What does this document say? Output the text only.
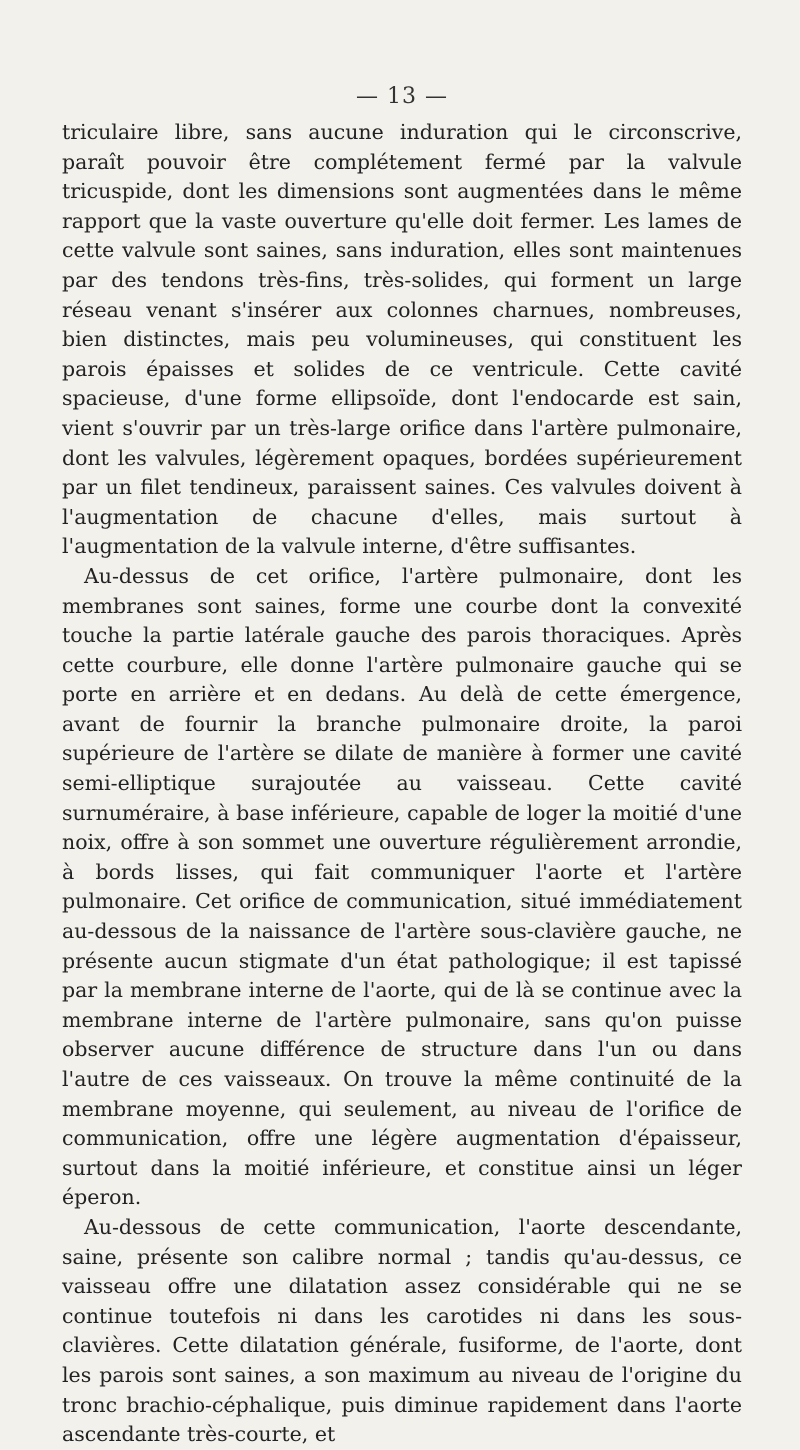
— 13 —

triculaire libre, sans aucune induration qui le circonscrive, paraît pouvoir être complétement fermé par la valvule tricuspide, dont les dimensions sont augmentées dans le même rapport que la vaste ouverture qu'elle doit fermer. Les lames de cette valvule sont saines, sans induration, elles sont maintenues par des tendons très-fins, très-solides, qui forment un large réseau venant s'insérer aux colonnes charnues, nombreuses, bien distinctes, mais peu volumineuses, qui constituent les parois épaisses et solides de ce ventricule. Cette cavité spacieuse, d'une forme ellipsoïde, dont l'endocarde est sain, vient s'ouvrir par un très-large orifice dans l'artère pulmonaire, dont les valvules, légèrement opaques, bordées supérieurement par un filet tendineux, paraissent saines. Ces valvules doivent à l'augmentation de chacune d'elles, mais surtout à l'augmentation de la valvule interne, d'être suffisantes.

Au-dessus de cet orifice, l'artère pulmonaire, dont les membranes sont saines, forme une courbe dont la convexité touche la partie latérale gauche des parois thoraciques. Après cette courbure, elle donne l'artère pulmonaire gauche qui se porte en arrière et en dedans. Au delà de cette émergence, avant de fournir la branche pulmonaire droite, la paroi supérieure de l'artère se dilate de manière à former une cavité semi-elliptique surajoutée au vaisseau. Cette cavité surnuméraire, à base inférieure, capable de loger la moitié d'une noix, offre à son sommet une ouverture régulièrement arrondie, à bords lisses, qui fait communiquer l'aorte et l'artère pulmonaire. Cet orifice de communication, situé immédiatement au-dessous de la naissance de l'artère sous-clavière gauche, ne présente aucun stigmate d'un état pathologique; il est tapissé par la membrane interne de l'aorte, qui de là se continue avec la membrane interne de l'artère pulmonaire, sans qu'on puisse observer aucune différence de structure dans l'un ou dans l'autre de ces vaisseaux. On trouve la même continuité de la membrane moyenne, qui seulement, au niveau de l'orifice de communication, offre une légère augmentation d'épaisseur, surtout dans la moitié inférieure, et constitue ainsi un léger éperon.

Au-dessous de cette communication, l'aorte descendante, saine, présente son calibre normal ; tandis qu'au-dessus, ce vaisseau offre une dilatation assez considérable qui ne se continue toutefois ni dans les carotides ni dans les sous-clavières. Cette dilatation générale, fusiforme, de l'aorte, dont les parois sont saines, a son maximum au niveau de l'origine du tronc brachio-céphalique, puis diminue rapidement dans l'aorte ascendante très-courte, et
